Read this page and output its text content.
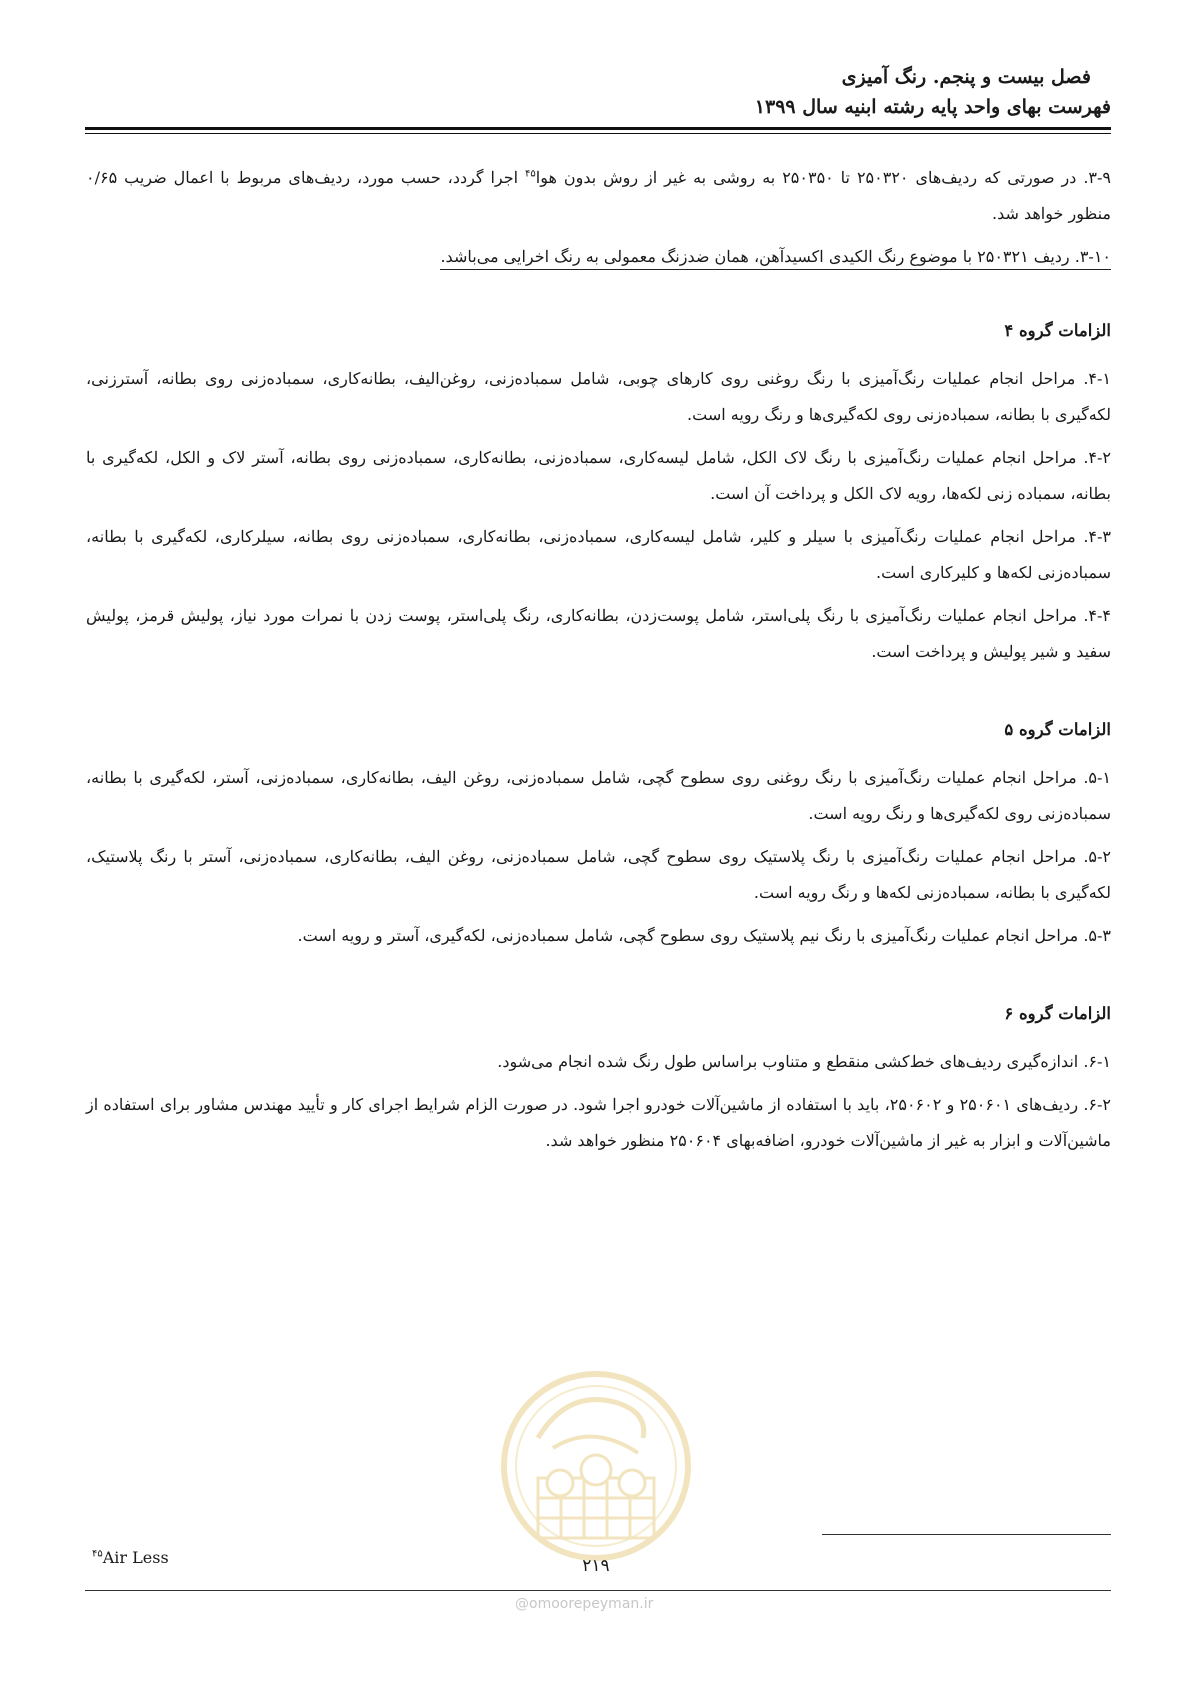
فصل بیست و پنجم. رنگ آمیزی
فهرست بهای واحد پایه رشته ابنیه سال ۱۳۹۹

۳-۹. در صورتی که ردیف‌های ۲۵۰۳۲۰ تا ۲۵۰۳۵۰ به روشی به غیر از روش بدون هوا$^{۴۵}$ اجرا گردد، حسب مورد، ردیف‌های مربوط با اعمال ضریب ۰/۶۵ منظور خواهد شد.

۳-۱۰. ردیف ۲۵۰۳۲۱ با موضوع رنگ الکیدی اکسیدآهن، همان ضدزنگ معمولی به رنگ اخرایی می‌باشد.

الزامات گروه ۴

۴-۱. مراحل انجام عملیات رنگ‌آمیزی با رنگ روغنی روی کارهای چوبی، شامل سمباده‌زنی، روغن‌الیف، بطانه‌کاری، سمباده‌زنی روی بطانه، آسترزنی، لکه‌گیری با بطانه، سمباده‌زنی روی لکه‌گیری‌ها و رنگ رویه است.

۴-۲. مراحل انجام عملیات رنگ‌آمیزی با رنگ لاک الکل، شامل لیسه‌کاری، سمباده‌زنی، بطانه‌کاری، سمباده‌زنی روی بطانه، آستر لاک و الکل، لکه‌گیری با بطانه، سمباده زنی لکه‌ها، رویه لاک الکل و پرداخت آن است.

۴-۳. مراحل انجام عملیات رنگ‌آمیزی با سیلر و کلیر، شامل لیسه‌کاری، سمباده‌زنی، بطانه‌کاری، سمباده‌زنی روی بطانه، سیلرکاری، لکه‌گیری با بطانه، سمباده‌زنی لکه‌ها و کلیرکاری است.

۴-۴. مراحل انجام عملیات رنگ‌آمیزی با رنگ پلی‌استر، شامل پوست‌زدن، بطانه‌کاری، رنگ پلی‌استر، پوست زدن با نمرات مورد نیاز، پولیش قرمز، پولیش سفید و شیر پولیش و پرداخت است.

الزامات گروه ۵

۵-۱. مراحل انجام عملیات رنگ‌آمیزی با رنگ روغنی روی سطوح گچی، شامل سمباده‌زنی، روغن الیف، بطانه‌کاری، سمباده‌زنی، آستر، لکه‌گیری با بطانه، سمباده‌زنی روی لکه‌گیری‌ها و رنگ رویه است.

۵-۲. مراحل انجام عملیات رنگ‌آمیزی با رنگ پلاستیک روی سطوح گچی، شامل سمباده‌زنی، روغن الیف، بطانه‌کاری، سمباده‌زنی، آستر با رنگ پلاستیک، لکه‌گیری با بطانه، سمباده‌زنی لکه‌ها و رنگ رویه است.

۵-۳. مراحل انجام عملیات رنگ‌آمیزی با رنگ نیم پلاستیک روی سطوح گچی، شامل سمباده‌زنی، لکه‌گیری، آستر و رویه است.

الزامات گروه ۶

۶-۱. اندازه‌گیری ردیف‌های خط‌کشی منقطع و متناوب براساس طول رنگ شده انجام می‌شود.

۶-۲. ردیف‌های ۲۵۰۶۰۱ و ۲۵۰۶۰۲، باید با استفاده از ماشین‌آلات خودرو اجرا شود. در صورت الزام شرایط اجرای کار و تأیید مهندس مشاور برای استفاده از ماشین‌آلات و ابزار به غیر از ماشین‌آلات خودرو، اضافه‌بهای ۲۵۰۶۰۴ منظور خواهد شد.

$^{۴۵}$Air Less	۲۱۹
@omoorepeyman.ir
